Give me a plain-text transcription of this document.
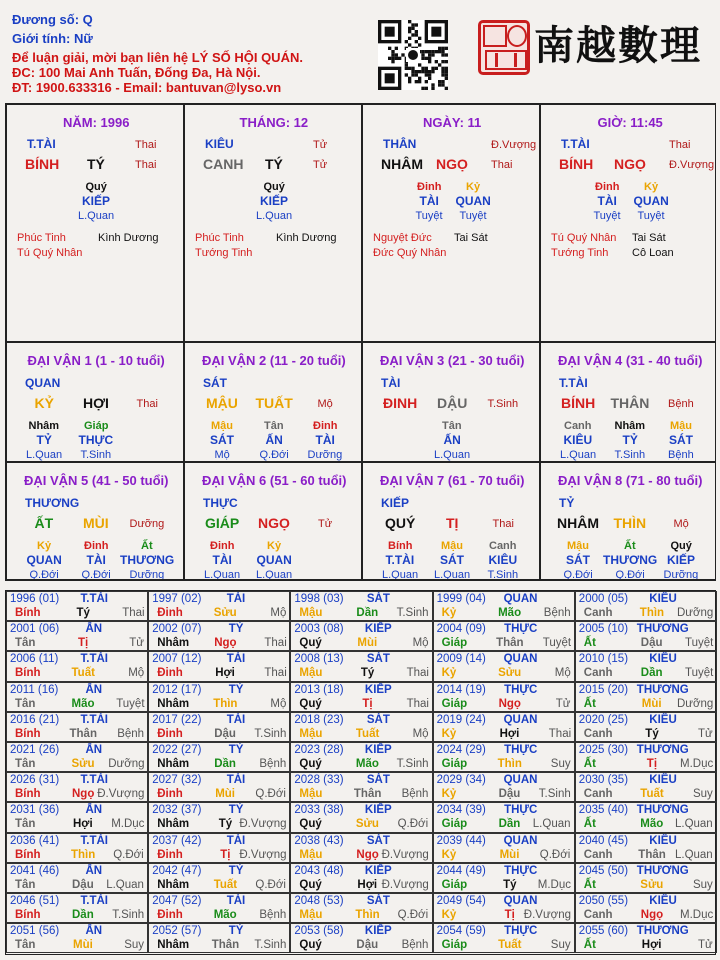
Đương số: Q
Giới tính: Nữ
Để luận giải, mời bạn liên hệ LÝ SỐ HỘI QUÁN.
ĐC: 100 Mai Anh Tuấn, Đống Đa, Hà Nội.
ĐT: 1900.633316 - Email: bantuvan@lyso.vn
南越數理
NĂM: 1996
T.TÀI	Thai
BÍNH TÝ	Thai
Quý
KIẾP
L.Quan
Phúc Tinh	Kình Dương
Tú Quý Nhân
THÁNG: 12
KIÊU	Tử
CANH TÝ	Tử
Quý
KIẾP
L.Quan
Phúc Tinh	Kình Dương
Tướng Tinh
NGÀY: 11
THÂN	Đ.Vượng
NHÂM NGỌ Thai
Đinh
TÀI
Tuyệt
Kỷ
QUAN
Tuyệt
Nguyệt Đức Tai Sát
Đức Quý Nhân
GIỜ: 11:45
T.TÀI	Thai
BÍNH NGỌ Đ.Vượng
Đinh
TÀI
Tuyệt
Kỷ
QUAN
Tuyệt
Tú Quý Nhân Tai Sát
Tướng Tinh Cô Loan
ĐẠI VẬN 1 (1 - 10 tuổi)
QUAN
KỶ HỢI	Thai
Nhâm
TỶ
L.Quan
Giáp
THỰC
T.Sinh
ĐẠI VẬN 2 (11 - 20 tuổi)
SÁT
MẬU TUẤT Mộ
Mậu
SÁT
Mộ
Tân
ẤN
Q.Đới
Đinh
TÀI
Dưỡng
ĐẠI VẬN 3 (21 - 30 tuổi)
TÀI
ĐINH DẬU T.Sinh
Tân
ẤN
L.Quan
ĐẠI VẬN 4 (31 - 40 tuổi)
T.TÀI
BÍNH THÂN Bệnh
Canh
KIÊU
L.Quan
Nhâm
TỶ
T.Sinh
Mậu
SÁT
Bệnh
ĐẠI VẬN 5 (41 - 50 tuổi)
THƯƠNG
ẤT MÙI Dưỡng
Kỷ
QUAN
Q.Đới
Đinh
TÀI
Q.Đới
Ất
THƯƠNG
Dưỡng
ĐẠI VẬN 6 (51 - 60 tuổi)
THỰC
GIÁP NGỌ	Tử
Đinh
TÀI
L.Quan
Kỷ
QUAN
L.Quan
ĐẠI VẬN 7 (61 - 70 tuổi)
KIẾP
QUÝ TỊ	Thai
Bính
T.TÀI
L.Quan
Mậu
SÁT
L.Quan
Canh
KIÊU
T.Sinh
ĐẠI VẬN 8 (71 - 80 tuổi)
TỶ
NHÂM THÌN Mộ
Mậu
SÁT
Q.Đới
Ất
THƯƠNG
Q.Đới
Quý
KIẾP
Dưỡng
1996 (01) T.TÀI
Bính	Tý	Thai
1997 (02) TÀI
Đinh	Sửu	Mộ
1998 (03) SÁT
Mậu	Dần T.Sinh
1999 (04) QUAN
Kỷ	Mão Bệnh
2000 (05) KIÊU
Canh Thìn Dưỡng
2001 (06) ẤN
Tân	Tị	Tử
2002 (07) TỶ
Nhâm Ngọ Thai
2003 (08) KIẾP
Quý	Mùi	Mộ
2004 (09) THỰC
Giáp	Thân Tuyệt
2005 (10) THƯƠNG
Ất	Dậu Tuyệt
2006 (11) T.TÀI
Bính	Tuất	Mộ
2007 (12) TÀI
Đinh	Hợi	Thai
2008 (13) SÁT
Mậu	Tý	Thai
2009 (14) QUAN
Kỷ	Sửu	Mộ
2010 (15) KIÊU
Canh Dần Tuyệt
2011 (16) ẤN
Tân	Mão Tuyệt
2012 (17) TỶ
Nhâm Thìn	Mộ
2013 (18) KIẾP
Quý	Tị	Thai
2014 (19) THỰC
Giáp	Ngọ	Tử
2015 (20) THƯƠNG
Ất	Mùi Dưỡng
2016 (21) T.TÀI
Bính	Thân Bệnh
2017 (22) TÀI
Đinh	Dậu T.Sinh
2018 (23) SÁT
Mậu	Tuất	Mộ
2019 (24) QUAN
Kỷ	Hợi	Thai
2020 (25) KIÊU
Canh	Tý	Tử
2021 (26) ẤN
Tân	Sửu Dưỡng
2022 (27) TỶ
Nhâm Dần Bệnh
2023 (28) KIẾP
Quý	Mão T.Sinh
2024 (29) THỰC
Giáp	Thìn	Suy
2025 (30) THƯƠNG
Ất	Tị M.Dục
2026 (31) T.TÀI
Bính	Ngọ Đ.Vượng
2027 (32) TÀI
Đinh	Mùi Q.Đới
2028 (33) SÁT
Mậu	Thân Bệnh
2029 (34) QUAN
Kỷ	Dậu T.Sinh
2030 (35) KIÊU
Canh Tuất	Suy
2031 (36) ẤN
Tân	Hợi M.Dục
2032 (37) TỶ
Nhâm	Tý Đ.Vượng
2033 (38) KIẾP
Quý	Sửu Q.Đới
2034 (39) THỰC
Giáp	Dần L.Quan
2035 (40) THƯƠNG
Ất	Mão L.Quan
2036 (41) T.TÀI
Bính	Thìn Q.Đới
2037 (42) TÀI
Đinh	Tị Đ.Vượng
2038 (43) SÁT
Mậu	Ngọ Đ.Vượng
2039 (44) QUAN
Kỷ	Mùi Q.Đới
2040 (45) KIÊU
Canh Thân L.Quan
2041 (46) ẤN
Tân	Dậu L.Quan
2042 (47) TỶ
Nhâm Tuất Q.Đới
2043 (48) KIẾP
Quý	Hợi Đ.Vượng
2044 (49) THỰC
Giáp	Tý M.Dục
2045 (50) THƯƠNG
Ất	Sửu	Suy
2046 (51) T.TÀI
Bính	Dần T.Sinh
2047 (52) TÀI
Đinh	Mão Bệnh
2048 (53) SÁT
Mậu	Thìn Q.Đới
2049 (54) QUAN
Kỷ	Tị Đ.Vượng
2050 (55) KIÊU
Canh Ngọ M.Dục
2051 (56) ẤN
Tân	Mùi	Suy
2052 (57) TỶ
Nhâm Thân T.Sinh
2053 (58) KIẾP
Quý	Dậu Bệnh
2054 (59) THỰC
Giáp	Tuất	Suy
2055 (60) THƯƠNG
Ất	Hợi	Tử
